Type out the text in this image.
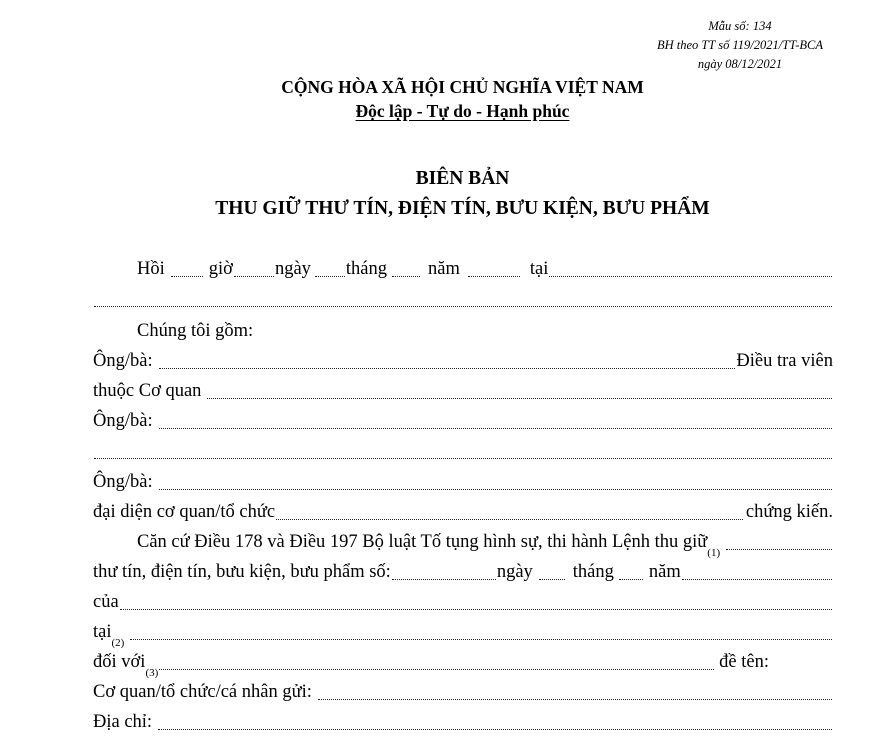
Mẫu số: 134
BH theo TT số 119/2021/TT-BCA
ngày 08/12/2021
CỘNG HÒA XÃ HỘI CHỦ NGHĨA VIỆT NAM
Độc lập - Tự do - Hạnh phúc
BIÊN BẢN
THU GIỮ THƯ TÍN, ĐIỆN TÍN, BƯU KIỆN, BƯU PHẨM
Hồi giờ ngày tháng năm	tại
Chúng tôi gồm:
Ông/bà:	Điều tra viên
thuộc Cơ quan
Ông/bà:
Ông/bà:
đại diện cơ quan/tổ chức	chứng kiến.
Căn cứ Điều 178 và Điều 197 Bộ luật Tố tụng hình sự, thi hành Lệnh thu giữ
(1)
thư tín, điện tín, bưu kiện, bưu phẩm số:	ngày tháng năm
của
tại
(2)
đối với
(3)
đề tên:
Cơ quan/tổ chức/cá nhân gửi:
Địa chỉ:
